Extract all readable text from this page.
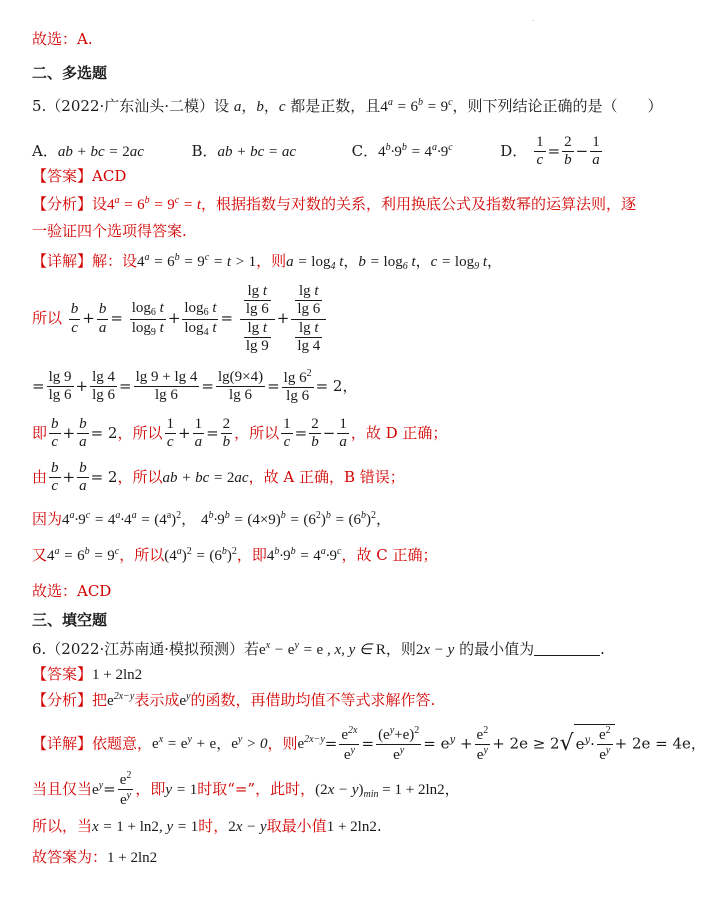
.
故选：A.
二、多选题
5.（2022·广东汕头·二模）设 a，b，c 都是正数，且$4^a = 6^b = 9^c$，则下列结论正确的是（　　）
A．ab + bc = 2ac	B．ab + bc = ac	C．$4^b\cdot 9^b = 4^a\cdot 9^c$	D． $\frac{1}{c} = \frac{2}{b} - \frac{1}{a}$
【答案】ACD
【分析】设$4^a = 6^b = 9^c = t$，根据指数与对数的关系，利用换底公式及指数幂的运算法则，逐
一验证四个选项得答案.
【详解】解：设$4^a = 6^b = 9^c = t > 1$，则$a = \log_4 t$，$b = \log_6 t$，$c = \log_9 t$，
所以 $\frac{b}{c} + \frac{b}{a} = \frac{\log_6 t}{\log_9 t} + \frac{\log_6 t}{\log_4 t} = \frac{\frac{\text{lg t}}{\lg 6}}{\frac{\text{lg t}}{\lg 9}} + \frac{\frac{\text{lg t}}{\lg 6}}{\frac{\text{lg t}}{\lg 4}}$
= $\frac{\lg 9}{\lg 6} + \frac{\lg 4}{\lg 6} = \frac{\lg 9 + \lg 4}{\lg 6} = \frac{\lg(9\times 4)}{\lg 6} = \frac{\lg 6^2}{\lg 6} = 2$，
即 $\frac{b}{c} + \frac{b}{a} = 2$，所以 $\frac{1}{c} + \frac{1}{a} = \frac{2}{b}$ ，所以 $\frac{1}{c} = \frac{2}{b} - \frac{1}{a}$ ，故 D 正确；
由 $\frac{b}{c} + \frac{b}{a} = 2$，所以ab + bc = 2ac，故 A 正确，B 错误；
因为$4^a\cdot 9^c = 4^a\cdot 4^a = (4^a)^2$， $4^b\cdot 9^b = (4\times 9)^b = (6^2)^b = (6^b)^2$，
又$4^a = 6^b = 9^c$，所以$(4^a)^2 = (6^b)^2$，即$4^b\cdot 9^b = 4^a\cdot 9^c$，故 C 正确；
故选：ACD
三、填空题
6.（2022·江苏南通·模拟预测）若$e^x - e^y = e$ , x, y ∈ R，则2x − y 的最小值为	.
【答案】1 + 2ln2
【分析】把$e^{2x-y}$表示成$e^y$的函数，再借助均值不等式求解作答.
【详解】依题意，$e^x = e^y + e$，$e^y > 0$，则$e^{2x-y}= \frac{e^{2x}}{e^y} = \frac{(e^y+e)^2}{e^y} = e^y + \frac{e^2}{e^y} + 2e \ge 2√$ $e^y\cdot \frac{e^2}{e^y} + 2e = 4e$，
当且仅当$e^y= \frac{e^2}{e^y}$ ，即y = 1时取“=”，此时，$(2x - y)_{min} = 1 + 2\ln 2$，
所以，当x = 1 + ln2, y = 1时，2x − y取最小值1 + 2ln2.
故答案为：1 + 2ln2
